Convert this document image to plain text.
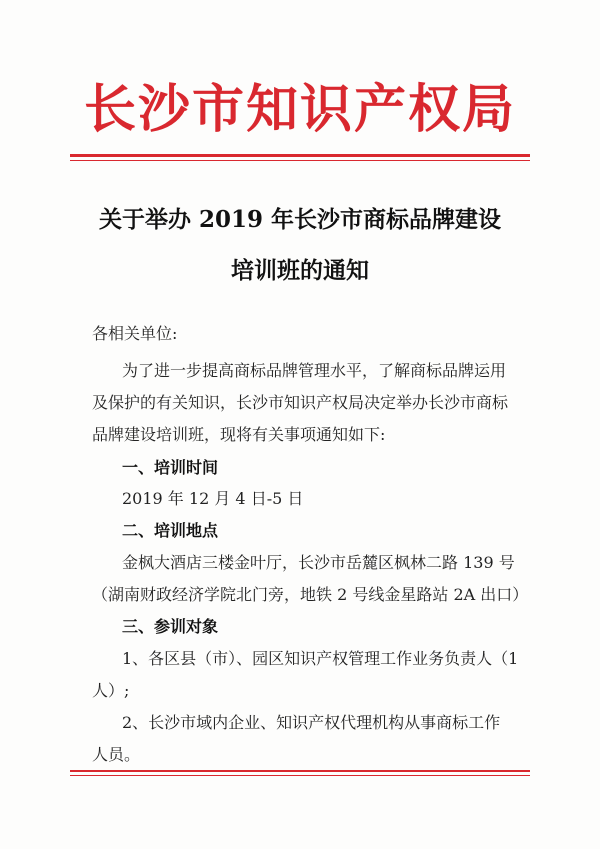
长沙市知识产权局
关于举办 2019 年长沙市商标品牌建设
培训班的通知
各相关单位:
为了进一步提高商标品牌管理水平，了解商标品牌运用
及保护的有关知识，长沙市知识产权局决定举办长沙市商标
品牌建设培训班，现将有关事项通知如下:
一、培训时间
2019 年 12 月 4 日-5 日
二、培训地点
金枫大酒店三楼金叶厅，长沙市岳麓区枫林二路 139 号
（湖南财政经济学院北门旁，地铁 2 号线金星路站 2A 出口）
三、参训对象
1、各区县（市）、园区知识产权管理工作业务负责人（1
人）;
2、长沙市域内企业、知识产权代理机构从事商标工作
人员。
